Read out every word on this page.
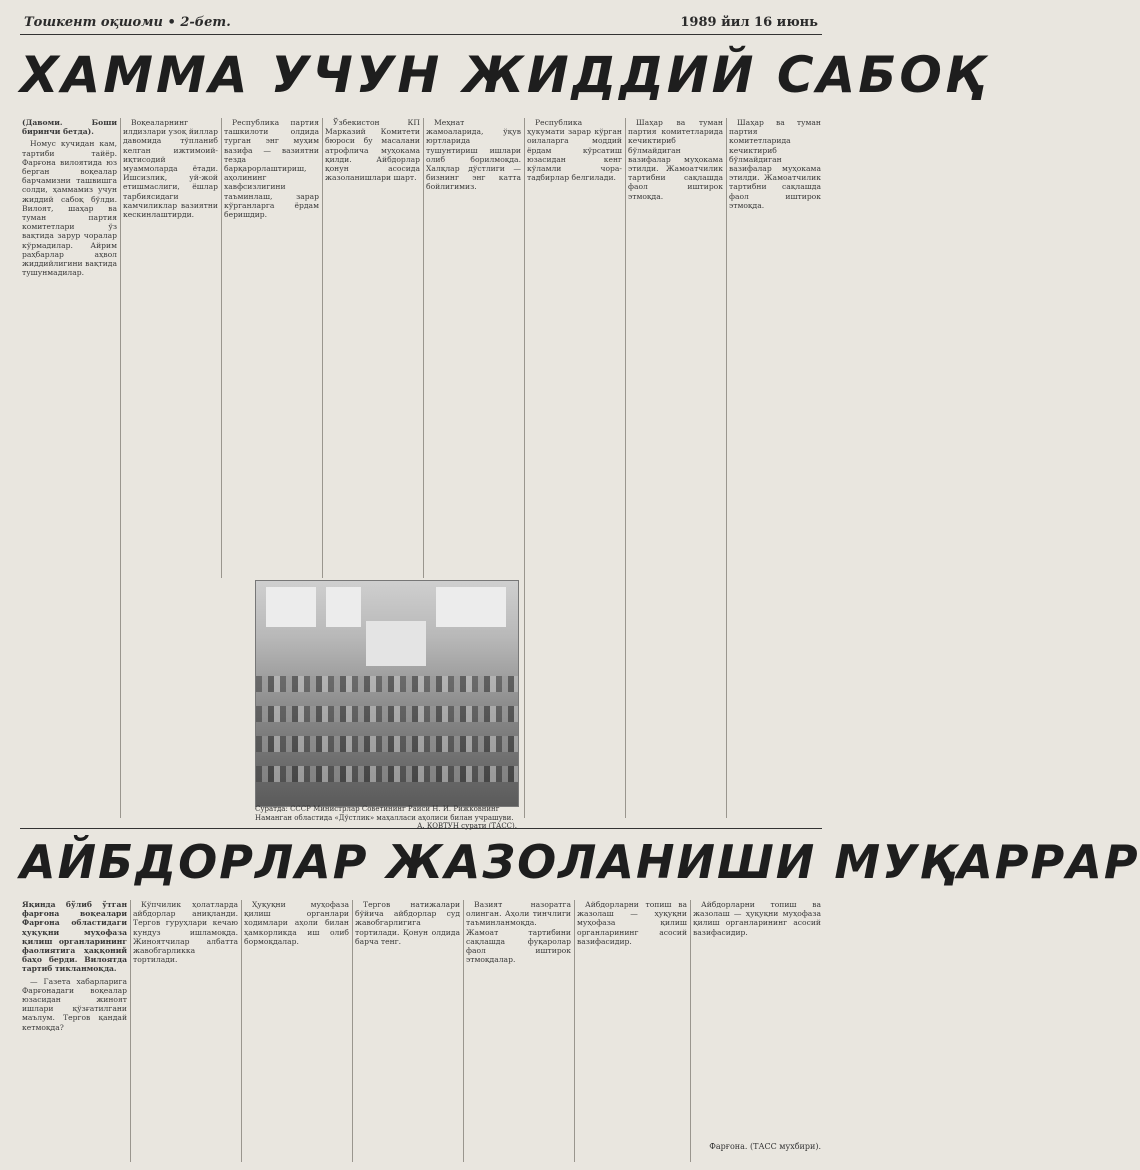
Тошкент оқшоми • 2-бет.	1989 йил 16 июнь
ХАММА УЧУН ЖИДДИЙ САБОҚ

(Давоми. Боши биринчи бетда).

Номус кучидан кам, тартиби тайёр. Фарғона вилоятида юз берган воқеалар барчамизни ташвишга солди, ҳаммамиз учун жиддий сабоқ бўлди. Вилоят, шаҳар ва туман партия комитетлари ўз вақтида зарур чоралар кўрмадилар. Айрим раҳбарлар аҳвол жиддийлигини вақтида тушунмадилар.

Воқеаларнинг илдизлари узоқ йиллар давомида тўпланиб келган ижтимоий-иқтисодий муаммоларда ётади. Ишсизлик, уй-жой етишмаслиги, ёшлар тарбиясидаги камчиликлар вазиятни кескинлаштирди.

Республика партия ташкилоти олдида турган энг муҳим вазифа — вазиятни тезда барқарорлаштириш, аҳолининг хавфсизлигини таъминлаш, зарар кўрганларга ёрдам беришдир.

Ўзбекистон КП Марказий Комитети бюроси бу масалани атрофлича муҳокама қилди. Айбдорлар қонун асосида жазоланишлари шарт.

Меҳнат жамоаларида, ўқув юртларида тушунтириш ишлари олиб борилмоқда. Халқлар дўстлиги — бизнинг энг катта бойлигимиз.

Республика ҳукумати зарар кўрган оилаларга моддий ёрдам кўрсатиш юзасидан кенг кўламли чора-тадбирлар белгилади.

Шаҳар ва туман партия комитетларида кечиктириб бўлмайдиган вазифалар муҳокама этилди. Жамоатчилик тартибни сақлашда фаол иштирок этмоқда.

Шаҳар ва туман партия комитетларида кечиктириб бўлмайдиган вазифалар муҳокама этилди. Жамоатчилик тартибни сақлашда фаол иштирок этмоқда.

Суратда: СССР Министрлар Советининг Раиси Н. И. Рижковнинг Наманган областида «Дўстлик» маҳалласи аҳолиси билан учрашуви.
А. КОВТУН сурати (ТАСС).
АЙБДОРЛАР ЖАЗОЛАНИШИ МУҚАРРАР

Яқинда бўлиб ўтган фарғона воқеалари Фарғона областидаги ҳуқуқни муҳофаза қилиш органларининг фаолиятига ҳаққоний баҳо берди. Вилоятда тартиб тикланмоқда.

— Газета хабарларига Фарғонадаги воқеалар юзасидан жиноят ишлари қўзғатилгани маълум. Тергов қандай кетмоқда?

Кўпчилик ҳолатларда айбдорлар аниқланди. Тергов гуруҳлари кечаю кундуз ишламоқда. Жиноятчилар албатта жавобгарликка тортилади.

Ҳуқуқни муҳофаза қилиш органлари ходимлари аҳоли билан ҳамкорликда иш олиб бормоқдалар.

Тергов натижалари бўйича айбдорлар суд жавобгарлигига тортилади. Қонун олдида барча тенг.

Вазият назоратга олинган. Аҳоли тинчлиги таъминланмоқда. Жамоат тартибини сақлашда фуқаролар фаол иштирок этмоқдалар.

Айбдорларни топиш ва жазолаш — ҳуқуқни муҳофаза қилиш органларининг асосий вазифасидир.

Айбдорларни топиш ва жазолаш — ҳуқуқни муҳофаза қилиш органларининг асосий вазифасидир.

Фарғона. (ТАСС мухбири).
